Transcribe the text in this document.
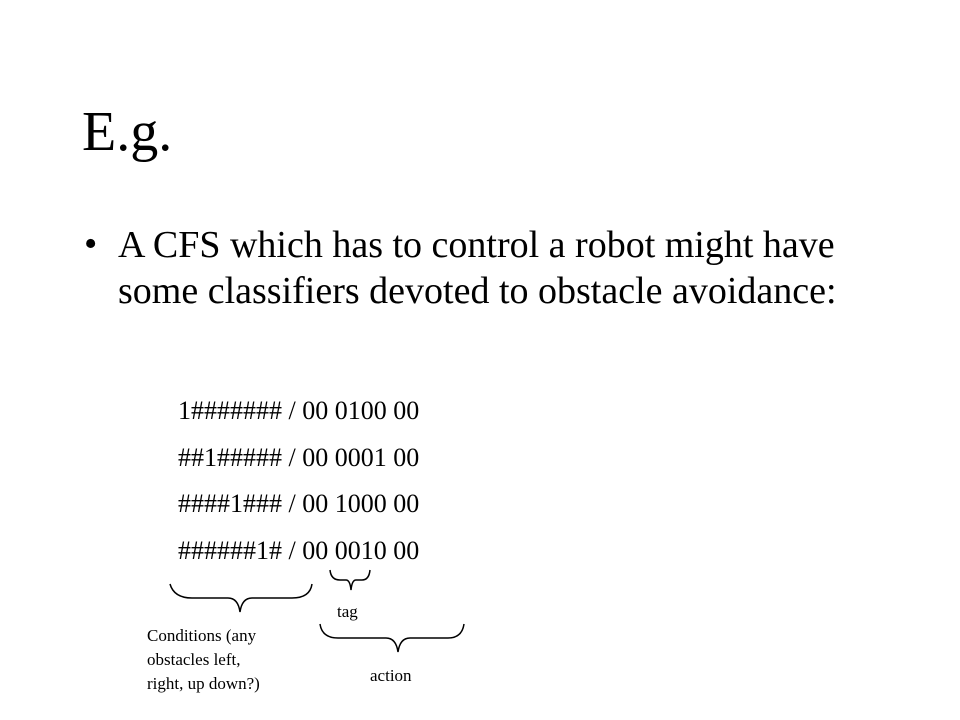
E.g.
• A CFS which has to control a robot might have some classifiers devoted to obstacle avoidance:

1####### / 00 0100 00
##1##### / 00 0001 00
####1### / 00 1000 00
######1# / 00 0010 00
tag
Conditions (any
obstacles left,
right, up down?)	action
